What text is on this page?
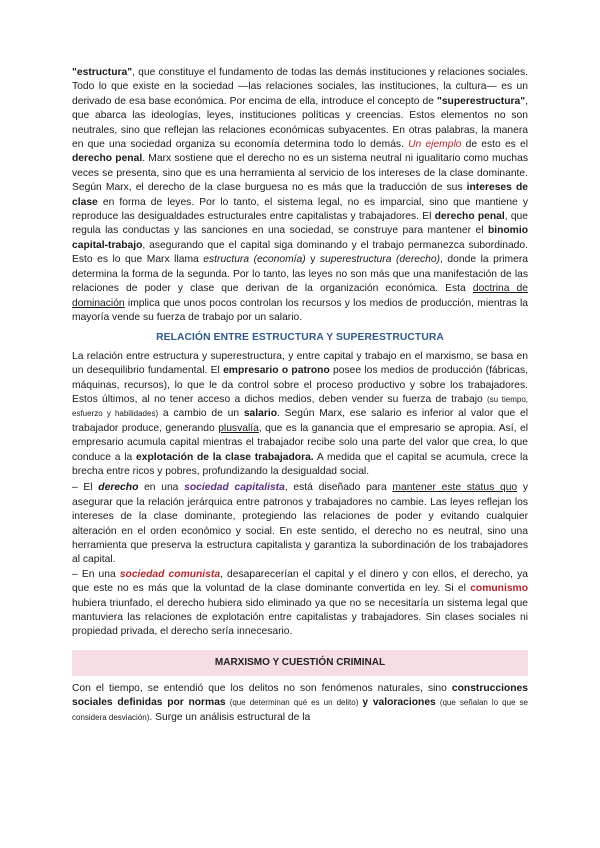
"estructura", que constituye el fundamento de todas las demás instituciones y relaciones sociales. Todo lo que existe en la sociedad —las relaciones sociales, las instituciones, la cultura— es un derivado de esa base económica. Por encima de ella, introduce el concepto de "superestructura", que abarca las ideologías, leyes, instituciones políticas y creencias. Estos elementos no son neutrales, sino que reflejan las relaciones económicas subyacentes. En otras palabras, la manera en que una sociedad organiza su economía determina todo lo demás. Un ejemplo de esto es el derecho penal. Marx sostiene que el derecho no es un sistema neutral ni igualitario como muchas veces se presenta, sino que es una herramienta al servicio de los intereses de la clase dominante. Según Marx, el derecho de la clase burguesa no es más que la traducción de sus intereses de clase en forma de leyes. Por lo tanto, el sistema legal, no es imparcial, sino que mantiene y reproduce las desigualdades estructurales entre capitalistas y trabajadores. El derecho penal, que regula las conductas y las sanciones en una sociedad, se construye para mantener el binomio capital-trabajo, asegurando que el capital siga dominando y el trabajo permanezca subordinado. Esto es lo que Marx llama estructura (economía) y superestructura (derecho), donde la primera determina la forma de la segunda. Por lo tanto, las leyes no son más que una manifestación de las relaciones de poder y clase que derivan de la organización económica. Esta doctrina de dominación implica que unos pocos controlan los recursos y los medios de producción, mientras la mayoría vende su fuerza de trabajo por un salario.

RELACIÓN ENTRE ESTRUCTURA Y SUPERESTRUCTURA

La relación entre estructura y superestructura, y entre capital y trabajo en el marxismo, se basa en un desequilibrio fundamental. El empresario o patrono posee los medios de producción (fábricas, máquinas, recursos), lo que le da control sobre el proceso productivo y sobre los trabajadores. Estos últimos, al no tener acceso a dichos medios, deben vender su fuerza de trabajo (su tiempo, esfuerzo y habilidades) a cambio de un salario. Según Marx, ese salario es inferior al valor que el trabajador produce, generando plusvalía, que es la ganancia que el empresario se apropia. Así, el empresario acumula capital mientras el trabajador recibe solo una parte del valor que crea, lo que conduce a la explotación de la clase trabajadora. A medida que el capital se acumula, crece la brecha entre ricos y pobres, profundizando la desigualdad social.

– El derecho en una sociedad capitalista, está diseñado para mantener este status quo y asegurar que la relación jerárquica entre patronos y trabajadores no cambie. Las leyes reflejan los intereses de la clase dominante, protegiendo las relaciones de poder y evitando cualquier alteración en el orden económico y social. En este sentido, el derecho no es neutral, sino una herramienta que preserva la estructura capitalista y garantiza la subordinación de los trabajadores al capital.

– En una sociedad comunista, desaparecerían el capital y el dinero y con ellos, el derecho, ya que este no es más que la voluntad de la clase dominante convertida en ley. Si el comunismo hubiera triunfado, el derecho hubiera sido eliminado ya que no se necesitaría un sistema legal que mantuviera las relaciones de explotación entre capitalistas y trabajadores. Sin clases sociales ni propiedad privada, el derecho sería innecesario.

MARXISMO Y CUESTIÓN CRIMINAL

Con el tiempo, se entendió que los delitos no son fenómenos naturales, sino construcciones sociales definidas por normas (que determinan qué es un delito) y valoraciones (que señalan lo que se considera desviación). Surge un análisis estructural de la
